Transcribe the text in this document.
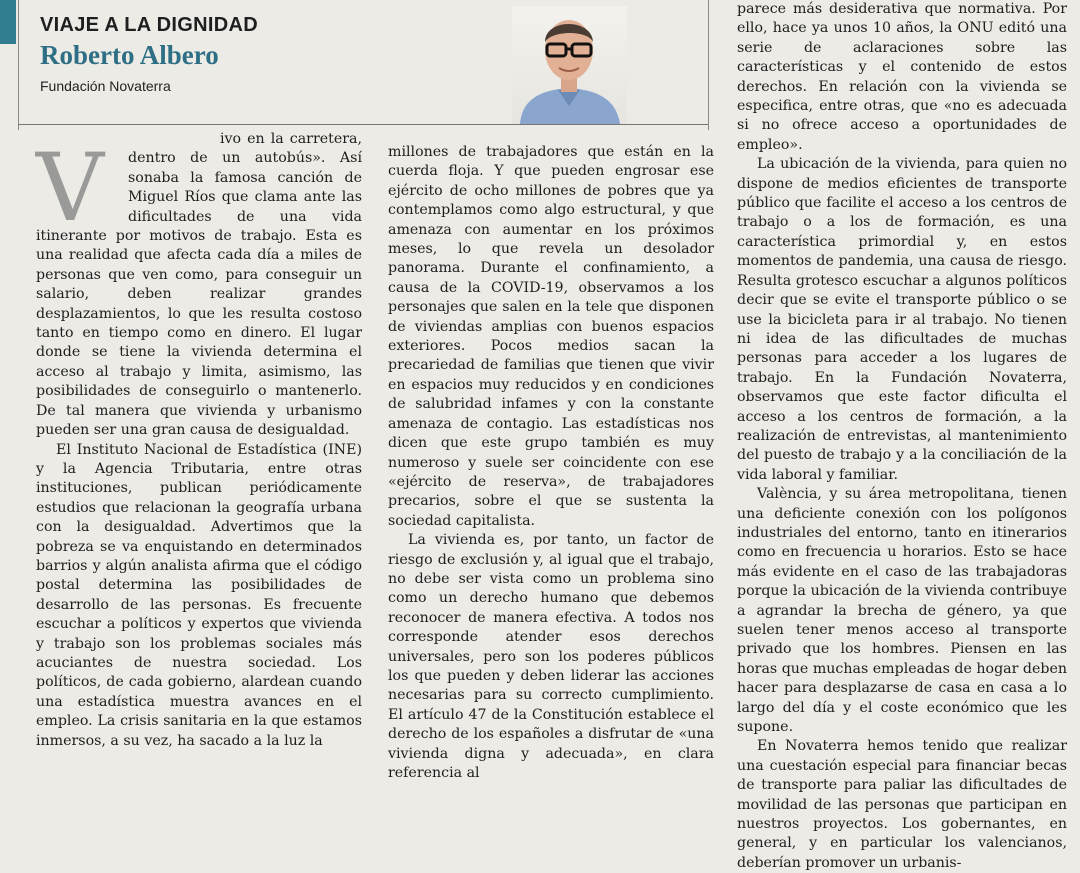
VIAJE A LA DIGNIDAD
Roberto Albero
Fundación Novaterra
V	ivo en la carretera, dentro de un autobús». Así sonaba la famosa canción de Miguel Ríos que clama ante las dificultades de una vida itinerante por motivos de trabajo. Esta es una realidad que afecta cada día a miles de personas que ven como, para conseguir un salario, deben realizar grandes desplazamientos, lo que les resulta costoso tanto en tiempo como en dinero. El lugar donde se tiene la vivienda determina el acceso al trabajo y limita, asimismo, las posibilidades de conseguirlo o mantenerlo. De tal manera que vivienda y urbanismo pueden ser una gran causa de desigualdad.

El Instituto Nacional de Estadística (INE) y la Agencia Tributaria, entre otras instituciones, publican periódicamente estudios que relacionan la geografía urbana con la desigualdad. Advertimos que la pobreza se va enquistando en determinados barrios y algún analista afirma que el código postal determina las posibilidades de desarrollo de las personas. Es frecuente escuchar a políticos y expertos que vivienda y trabajo son los problemas sociales más acuciantes de nuestra sociedad. Los políticos, de cada gobierno, alardean cuando una estadística muestra avances en el empleo. La crisis sanitaria en la que estamos inmersos, a su vez, ha sacado a la luz la

millones de trabajadores que están en la cuerda floja. Y que pueden engrosar ese ejército de ocho millones de pobres que ya contemplamos como algo estructural, y que amenaza con aumentar en los próximos meses, lo que revela un desolador panorama. Durante el confinamiento, a causa de la COVID-19, observamos a los personajes que salen en la tele que disponen de viviendas amplias con buenos espacios exteriores. Pocos medios sacan la precariedad de familias que tienen que vivir en espacios muy reducidos y en condiciones de salubridad infames y con la constante amenaza de contagio. Las estadísticas nos dicen que este grupo también es muy numeroso y suele ser coincidente con ese «ejército de reserva», de trabajadores precarios, sobre el que se sustenta la sociedad capitalista.

La vivienda es, por tanto, un factor de riesgo de exclusión y, al igual que el trabajo, no debe ser vista como un problema sino como un derecho humano que debemos reconocer de manera efectiva. A todos nos corresponde atender esos derechos universales, pero son los poderes públicos los que pueden y deben liderar las acciones necesarias para su correcto cumplimiento. El artículo 47 de la Constitución establece el derecho de los españoles a disfrutar de «una vivienda digna y adecuada», en clara referencia al

parece más desiderativa que normativa. Por ello, hace ya unos 10 años, la ONU editó una serie de aclaraciones sobre las características y el contenido de estos derechos. En relación con la vivienda se especifica, entre otras, que «no es adecuada si no ofrece acceso a oportunidades de empleo».

La ubicación de la vivienda, para quien no dispone de medios eficientes de transporte público que facilite el acceso a los centros de trabajo o a los de formación, es una característica primordial y, en estos momentos de pandemia, una causa de riesgo. Resulta grotesco escuchar a algunos políticos decir que se evite el transporte público o se use la bicicleta para ir al trabajo. No tienen ni idea de las dificultades de muchas personas para acceder a los lugares de trabajo. En la Fundación Novaterra, observamos que este factor dificulta el acceso a los centros de formación, a la realización de entrevistas, al mantenimiento del puesto de trabajo y a la conciliación de la vida laboral y familiar.

València, y su área metropolitana, tienen una deficiente conexión con los polígonos industriales del entorno, tanto en itinerarios como en frecuencia u horarios. Esto se hace más evidente en el caso de las trabajadoras porque la ubicación de la vivienda contribuye a agrandar la brecha de género, ya que suelen tener menos acceso al transporte privado que los hombres. Piensen en las horas que muchas empleadas de hogar deben hacer para desplazarse de casa en casa a lo largo del día y el coste económico que les supone.

En Novaterra hemos tenido que realizar una cuestación especial para financiar becas de transporte para paliar las dificultades de movilidad de las personas que participan en nuestros proyectos. Los gobernantes, en general, y en particular los valencianos, deberían promover un urbanis-
